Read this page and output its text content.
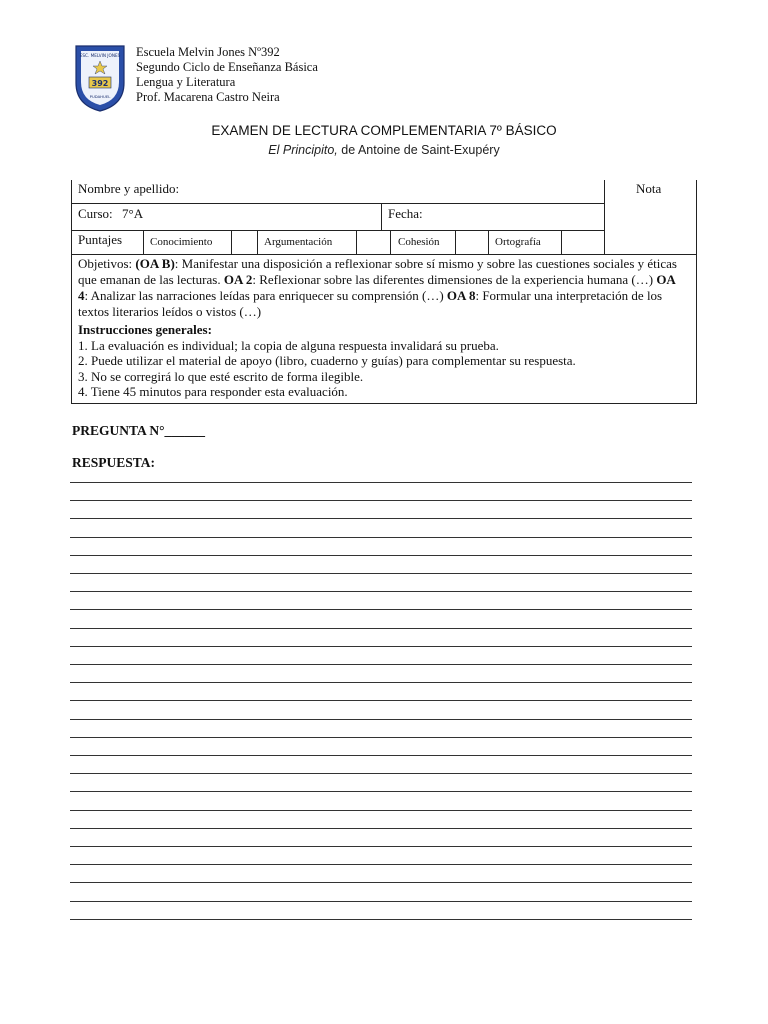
ESC. MELVIN JONES
392
PUDAHUEL
Escuela Melvin Jones Nº392
Segundo Ciclo de Enseñanza Básica
Lengua y Literatura
Prof. Macarena Castro Neira
EXAMEN DE LECTURA COMPLEMENTARIA 7º BÁSICO
El Principito, de Antoine de Saint-Exupéry
Nombre y apellido:	Nota
Curso: 7°A	Fecha:
Puntajes	Conocimiento	Argumentación	Cohesión	Ortografía

Objetivos: (OA B): Manifestar una disposición a reflexionar sobre sí mismo y sobre las cuestiones sociales y éticas que emanan de las lecturas. OA 2: Reflexionar sobre las diferentes dimensiones de la experiencia humana (…) OA 4: Analizar las narraciones leídas para enriquecer su comprensión (…) OA 8: Formular una interpretación de los textos literarios leídos o vistos (…)

Instrucciones generales:

1. La evaluación es individual; la copia de alguna respuesta invalidará su prueba.

2. Puede utilizar el material de apoyo (libro, cuaderno y guías) para complementar su respuesta.

3. No se corregirá lo que esté escrito de forma ilegible.

4. Tiene 45 minutos para responder esta evaluación.

PREGUNTA N°______
RESPUESTA:
